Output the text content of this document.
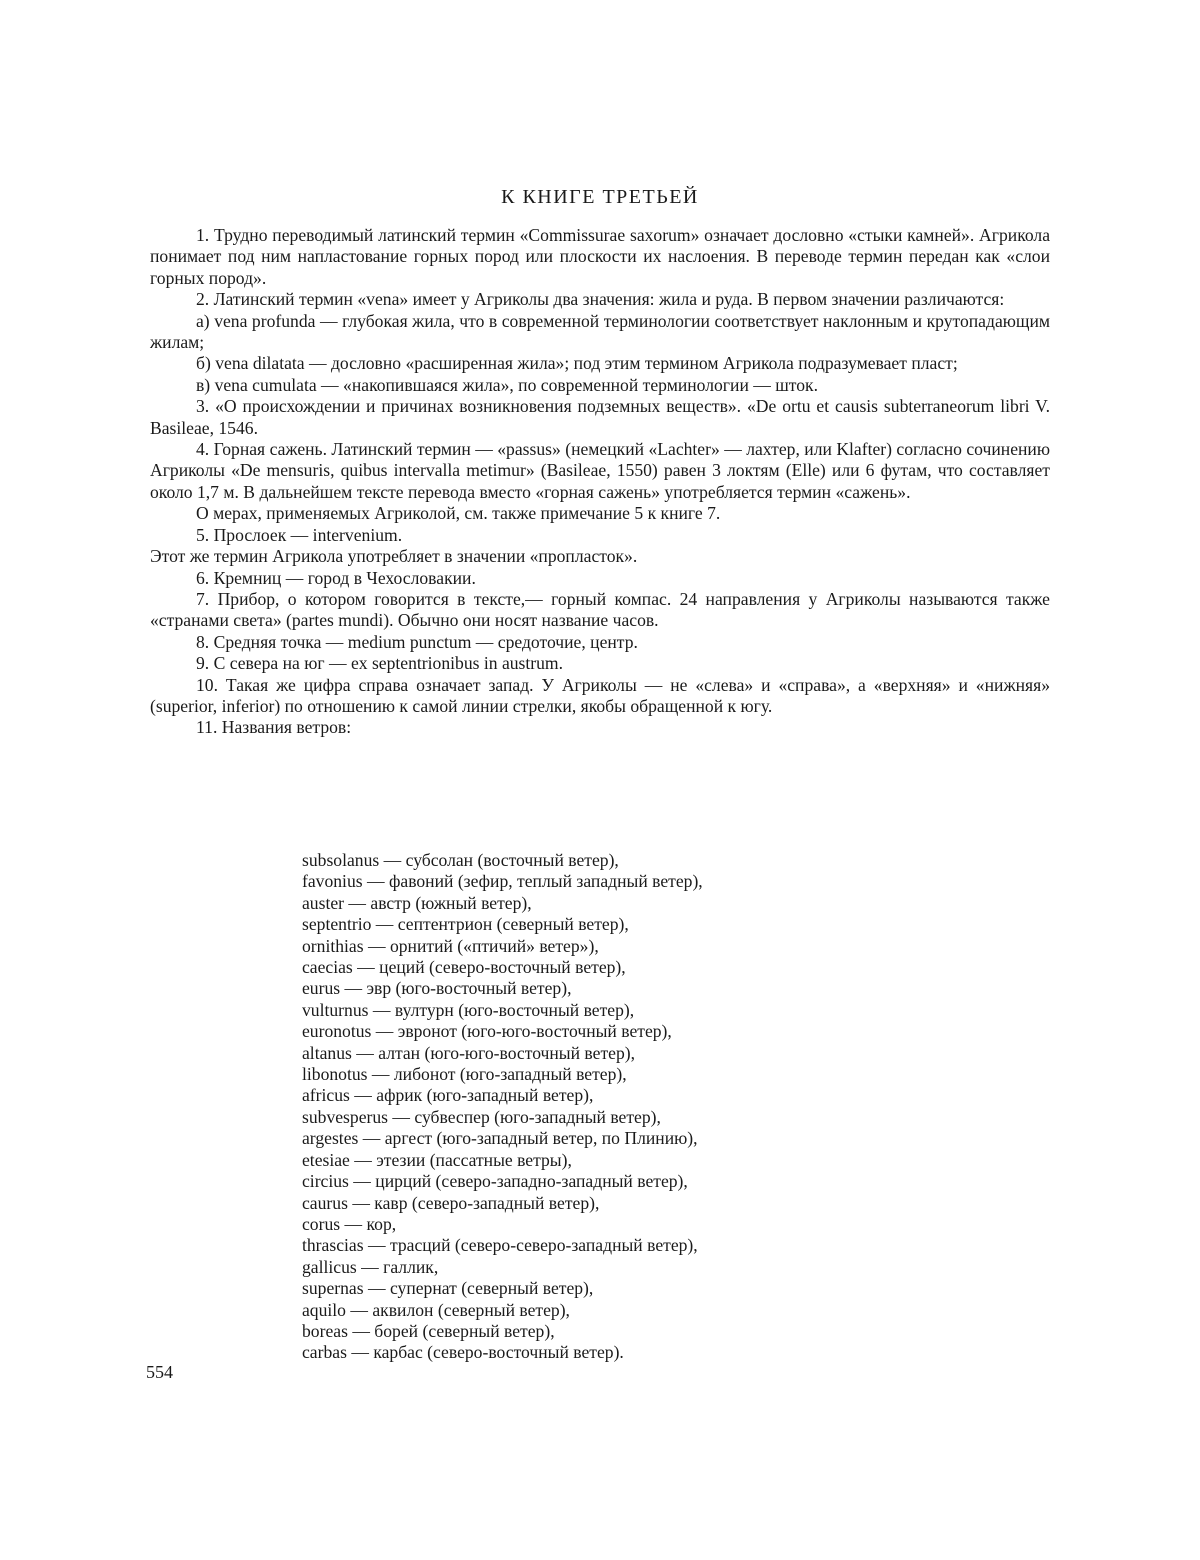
К КНИГЕ ТРЕТЬЕЙ

1. Трудно переводимый латинский термин «Commissurae saxorum» означает дословно «стыки камней». Агрикола понимает под ним напластование горных пород или плоскости их наслоения. В переводе термин передан как «слои горных пород».

2. Латинский термин «vena» имеет у Агриколы два значения: жила и руда. В первом значении различаются:

а) vena profunda — глубокая жила, что в современной терминологии соответствует наклонным и крутопадающим жилам;

б) vena dilatata — дословно «расширенная жила»; под этим термином Агрикола подразумевает пласт;

в) vena cumulata — «накопившаяся жила», по современной терминологии — шток.

3. «О происхождении и причинах возникновения подземных веществ». «De ortu et causis subterraneorum libri V. Basileae, 1546.

4. Горная сажень. Латинский термин — «passus» (немецкий «Lachter» — лахтер, или Klafter) согласно сочинению Агриколы «De mensuris, quibus intervalla metimur» (Basileae, 1550) равен 3 локтям (Elle) или 6 футам, что составляет около 1,7 м. В дальнейшем тексте перевода вместо «горная сажень» употребляется термин «сажень».

О мерах, применяемых Агриколой, см. также примечание 5 к книге 7.

5. Прослоек — intervenium.

Этот же термин Агрикола употребляет в значении «пропласток».

6. Кремниц — город в Чехословакии.

7. Прибор, о котором говорится в тексте,— горный компас. 24 направления у Агриколы называются также «странами света» (partes mundi). Обычно они носят название часов.

8. Средняя точка — medium punctum — средоточие, центр.

9. С севера на юг — ex septentrionibus in austrum.

10. Такая же цифра справа означает запад. У Агриколы — не «слева» и «справа», а «верхняя» и «нижняя» (superior, inferior) по отношению к самой линии стрелки, якобы обращенной к югу.

11. Названия ветров:

subsolanus — субсолан (восточный ветер),
favonius — фавоний (зефир, теплый западный ветер),
auster — австр (южный ветер),
septentrio — септентрион (северный ветер),
ornithias — орнитий («птичий» ветер»),
caecias — цеций (северо-восточный ветер),
eurus — эвр (юго-восточный ветер),
vulturnus — вултурн (юго-восточный ветер),
euronotus — эвронот (юго-юго-восточный ветер),
altanus — алтан (юго-юго-восточный ветер),
libonotus — либонот (юго-западный ветер),
africus — африк (юго-западный ветер),
subvesperus — субвеспер (юго-западный ветер),
argestes — аргест (юго-западный ветер, по Плинию),
etesiae — этезии (пассатные ветры),
circius — цирций (северо-западно-западный ветер),
caurus — кавр (северо-западный ветер),
corus — кор,
thrascias — трасций (северо-северо-западный ветер),
gallicus — галлик,
supernas — супернат (северный ветер),
aquilo — аквилон (северный ветер),
boreas — борей (северный ветер),
carbas — карбас (северо-восточный ветер).
554
